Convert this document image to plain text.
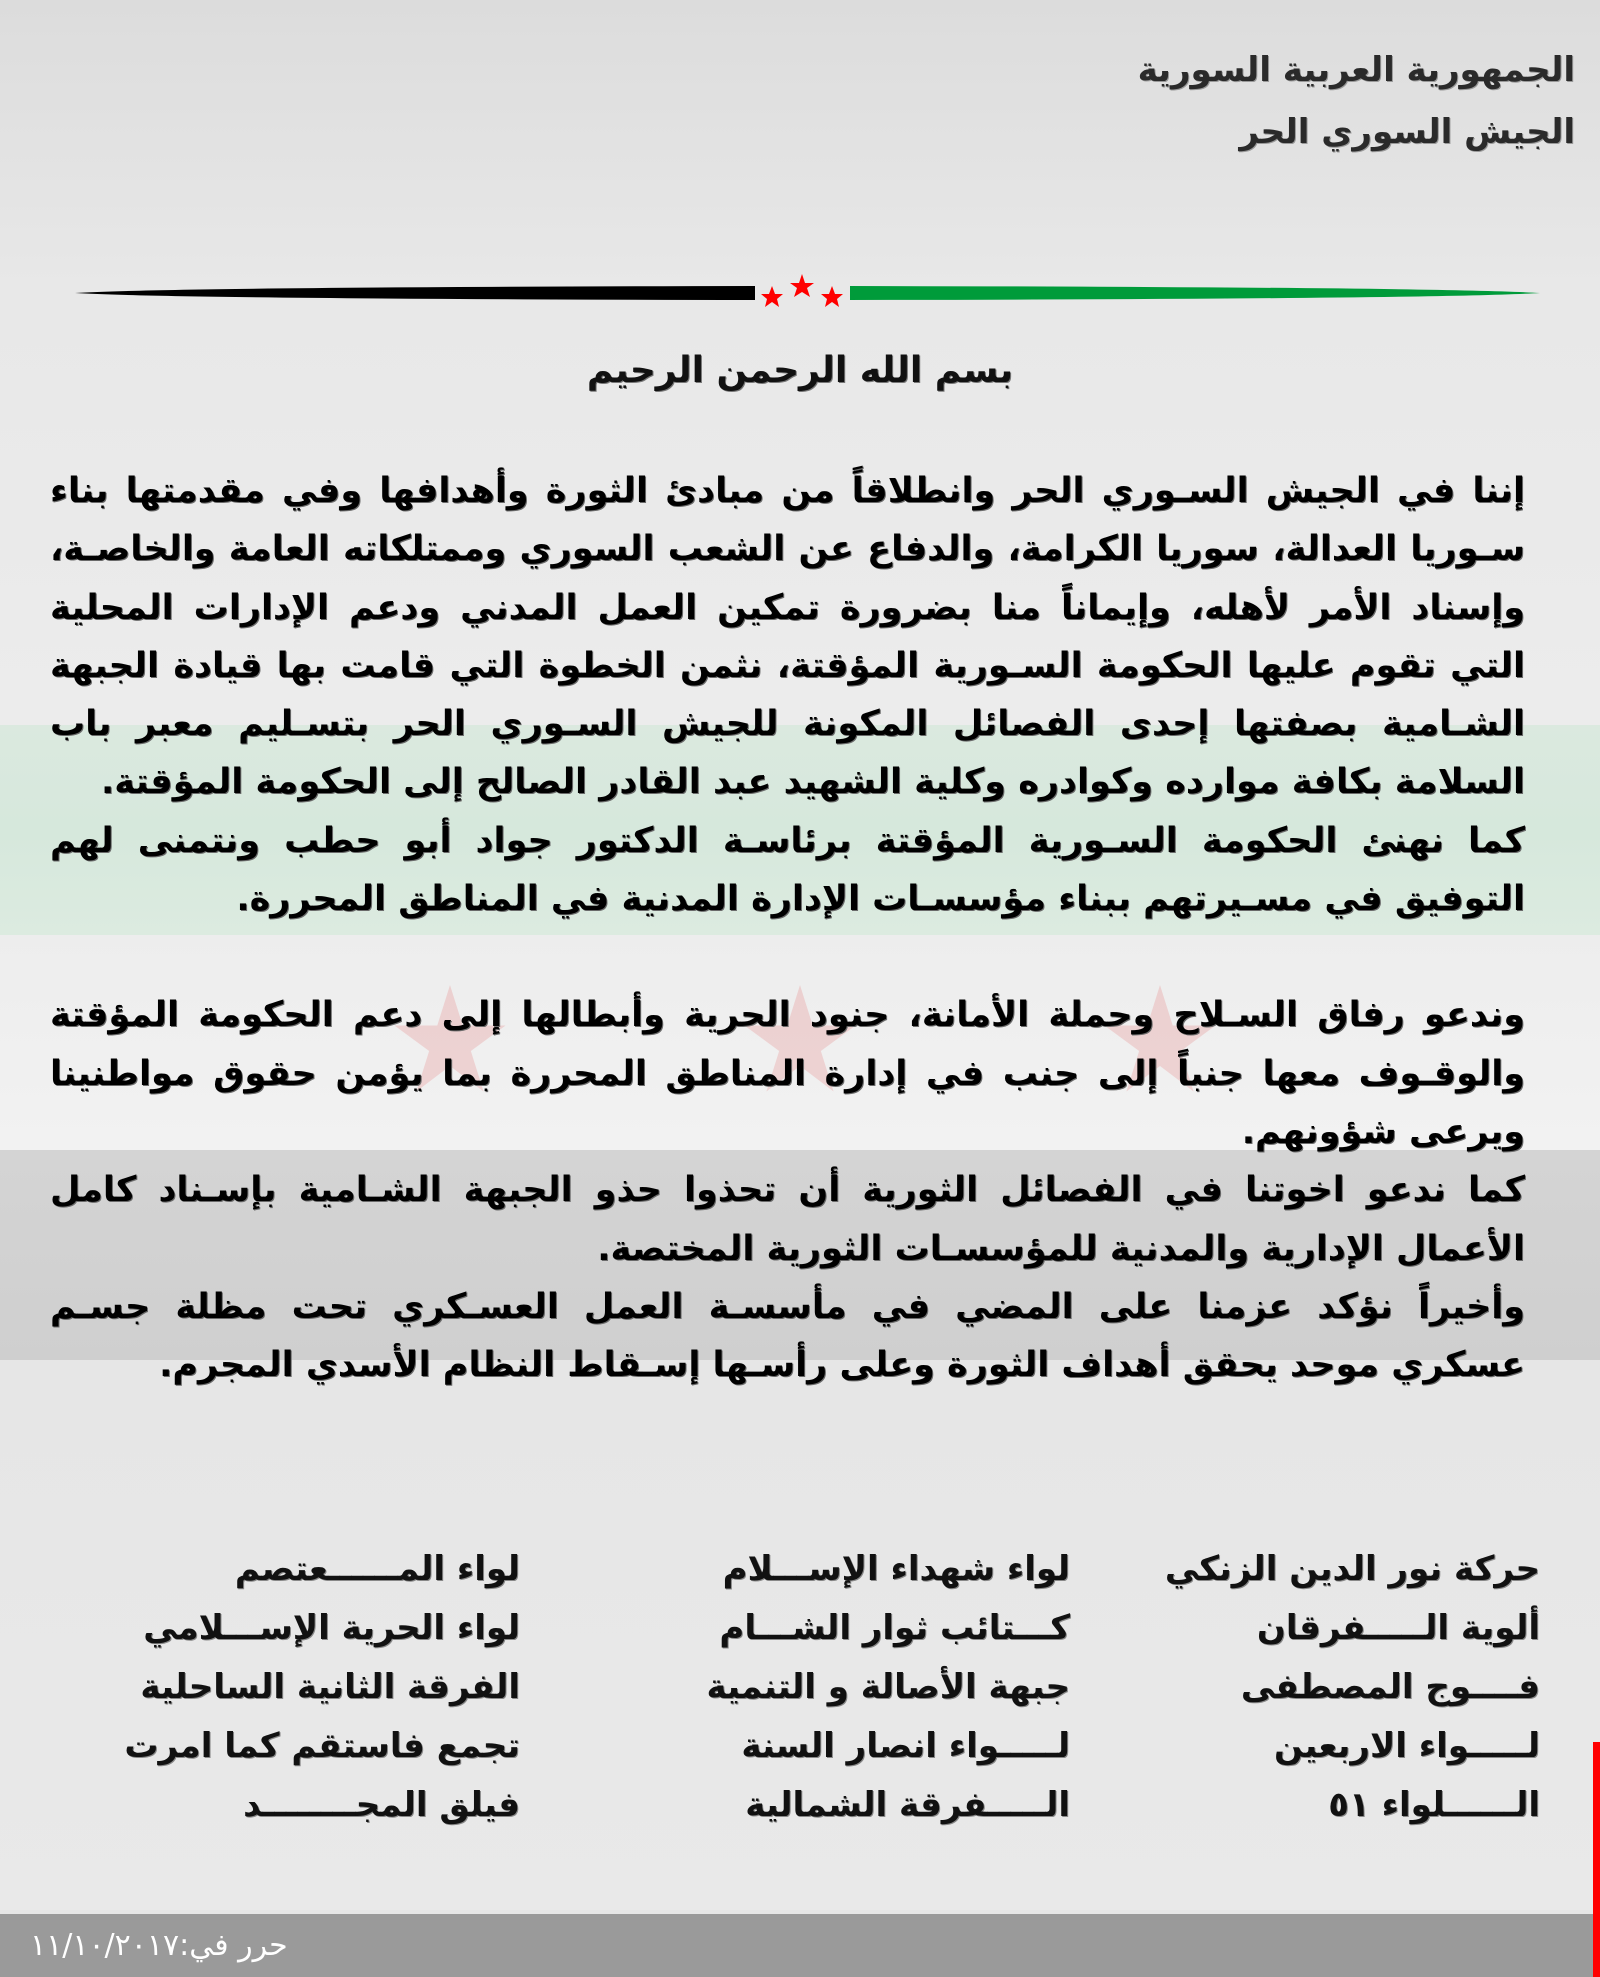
الجمهورية العربية السورية

الجيش السوري الحر

بسم الله الرحمن الرحيم

إننا في الجيش السـوري الحر وانطلاقاً من مبادئ الثورة وأهدافها وفي مقدمتها بناء سـوريا العدالة، سوريا الكرامة، والدفاع عن الشعب السوري وممتلكاته العامة والخاصـة، وإسناد الأمر لأهله، وإيماناً منا بضرورة تمكين العمل المدني ودعم الإدارات المحلية التي تقوم عليها الحكومة السـورية المؤقتة، نثمن الخطوة التي قامت بها قيادة الجبهة الشـامية بصفتها إحدى الفصائل المكونة للجيش السـوري الحر بتسـليم معبر باب السلامة بكافة موارده وكوادره وكلية الشهيد عبد القادر الصالح إلى الحكومة المؤقتة.

كما نهنئ الحكومة السـورية المؤقتة برئاسـة الدكتور جواد أبو حطب ونتمنى لهم التوفيق في مسـيرتهم ببناء مؤسسـات الإدارة المدنية في المناطق المحررة.

وندعو رفاق السـلاح وحملة الأمانة، جنود الحرية وأبطالها إلى دعم الحكومة المؤقتة والوقـوف معها جنباً إلى جنب في إدارة المناطق المحررة بما يؤمن حقوق مواطنينا ويرعى شؤونهم.

كما ندعو اخوتنا في الفصائل الثورية أن تحذوا حذو الجبهة الشـامية بإسـناد كامل الأعمال الإدارية والمدنية للمؤسسـات الثورية المختصة.

وأخيراً نؤكد عزمنا على المضي في مأسسـة العمل العسـكري تحت مظلة جسـم عسكري موحد يحقق أهداف الثورة وعلى رأسـها إسـقاط النظام الأسدي المجرم.

حركة نور الدين الزنكي
ألوية الـــــفرقان
فــــوج المصطفى
لـــــواء الاربعين
الــــــلواء ٥١
لواء شهداء الإســـلام
كـــتائب ثوار الشـــام
جبهة الأصالة و التنمية
لـــــواء انصار السنة
الـــــفرقة الشمالية
لواء المــــــعتصم
لواء الحرية الإســـلامي
الفرقة الثانية الساحلية
تجمع فاستقم كما امرت
فيلق المجــــــــد
حرر في:١١/١٠/٢٠١٧
